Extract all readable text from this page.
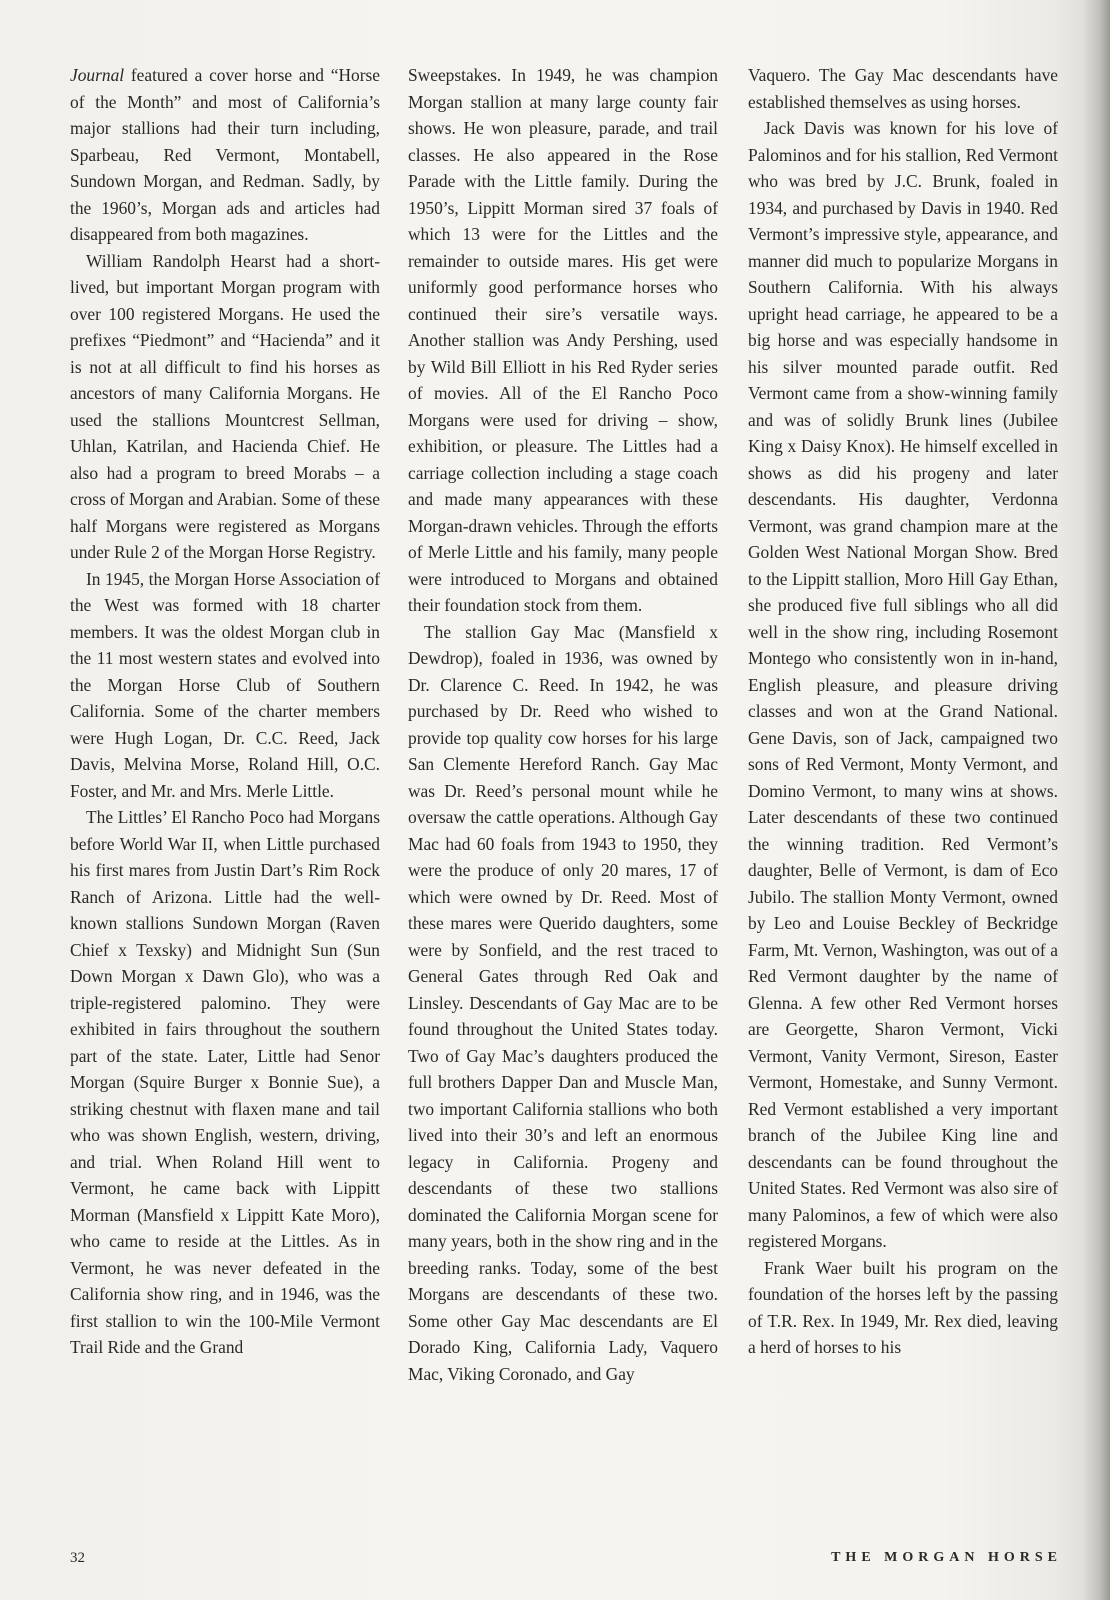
Journal featured a cover horse and “Horse of the Month” and most of California’s major stallions had their turn including, Sparbeau, Red Vermont, Montabell, Sundown Morgan, and Redman. Sadly, by the 1960’s, Morgan ads and articles had disappeared from both magazines.

William Randolph Hearst had a short-lived, but important Morgan program with over 100 registered Morgans. He used the prefixes “Piedmont” and “Hacienda” and it is not at all difficult to find his horses as ancestors of many California Morgans. He used the stallions Mountcrest Sellman, Uhlan, Katrilan, and Hacienda Chief. He also had a program to breed Morabs – a cross of Morgan and Arabian. Some of these half Morgans were registered as Morgans under Rule 2 of the Morgan Horse Registry.

In 1945, the Morgan Horse Association of the West was formed with 18 charter members. It was the oldest Morgan club in the 11 most western states and evolved into the Morgan Horse Club of Southern California. Some of the charter members were Hugh Logan, Dr. C.C. Reed, Jack Davis, Melvina Morse, Roland Hill, O.C. Foster, and Mr. and Mrs. Merle Little.

The Littles’ El Rancho Poco had Morgans before World War II, when Little purchased his first mares from Justin Dart’s Rim Rock Ranch of Arizona. Little had the well-known stallions Sundown Morgan (Raven Chief x Texsky) and Midnight Sun (Sun Down Morgan x Dawn Glo), who was a triple-registered palomino. They were exhibited in fairs throughout the southern part of the state. Later, Little had Senor Morgan (Squire Burger x Bonnie Sue), a striking chestnut with flaxen mane and tail who was shown English, western, driving, and trial. When Roland Hill went to Vermont, he came back with Lippitt Morman (Mansfield x Lippitt Kate Moro), who came to reside at the Littles. As in Vermont, he was never defeated in the California show ring, and in 1946, was the first stallion to win the 100-Mile Vermont Trail Ride and the Grand

Sweepstakes. In 1949, he was champion Morgan stallion at many large county fair shows. He won pleasure, parade, and trail classes. He also appeared in the Rose Parade with the Little family. During the 1950’s, Lippitt Morman sired 37 foals of which 13 were for the Littles and the remainder to outside mares. His get were uniformly good performance horses who continued their sire’s versatile ways. Another stallion was Andy Pershing, used by Wild Bill Elliott in his Red Ryder series of movies. All of the El Rancho Poco Morgans were used for driving – show, exhibition, or pleasure. The Littles had a carriage collection including a stage coach and made many appearances with these Morgan-drawn vehicles. Through the efforts of Merle Little and his family, many people were introduced to Morgans and obtained their foundation stock from them.

The stallion Gay Mac (Mansfield x Dewdrop), foaled in 1936, was owned by Dr. Clarence C. Reed. In 1942, he was purchased by Dr. Reed who wished to provide top quality cow horses for his large San Clemente Hereford Ranch. Gay Mac was Dr. Reed’s personal mount while he oversaw the cattle operations. Although Gay Mac had 60 foals from 1943 to 1950, they were the produce of only 20 mares, 17 of which were owned by Dr. Reed. Most of these mares were Querido daughters, some were by Sonfield, and the rest traced to General Gates through Red Oak and Linsley. Descendants of Gay Mac are to be found throughout the United States today. Two of Gay Mac’s daughters produced the full brothers Dapper Dan and Muscle Man, two important California stallions who both lived into their 30’s and left an enormous legacy in California. Progeny and descendants of these two stallions dominated the California Morgan scene for many years, both in the show ring and in the breeding ranks. Today, some of the best Morgans are descendants of these two. Some other Gay Mac descendants are El Dorado King, California Lady, Vaquero Mac, Viking Coronado, and Gay

Vaquero. The Gay Mac descendants have established themselves as using horses.

Jack Davis was known for his love of Palominos and for his stallion, Red Vermont who was bred by J.C. Brunk, foaled in 1934, and purchased by Davis in 1940. Red Vermont’s impressive style, appearance, and manner did much to popularize Morgans in Southern California. With his always upright head carriage, he appeared to be a big horse and was especially handsome in his silver mounted parade outfit. Red Vermont came from a show-winning family and was of solidly Brunk lines (Jubilee King x Daisy Knox). He himself excelled in shows as did his progeny and later descendants. His daughter, Verdonna Vermont, was grand champion mare at the Golden West National Morgan Show. Bred to the Lippitt stallion, Moro Hill Gay Ethan, she produced five full siblings who all did well in the show ring, including Rosemont Montego who consistently won in in-hand, English pleasure, and pleasure driving classes and won at the Grand National. Gene Davis, son of Jack, campaigned two sons of Red Vermont, Monty Vermont, and Domino Vermont, to many wins at shows. Later descendants of these two continued the winning tradition. Red Vermont’s daughter, Belle of Vermont, is dam of Eco Jubilo. The stallion Monty Vermont, owned by Leo and Louise Beckley of Beckridge Farm, Mt. Vernon, Washington, was out of a Red Vermont daughter by the name of Glenna. A few other Red Vermont horses are Georgette, Sharon Vermont, Vicki Vermont, Vanity Vermont, Sireson, Easter Vermont, Homestake, and Sunny Vermont. Red Vermont established a very important branch of the Jubilee King line and descendants can be found throughout the United States. Red Vermont was also sire of many Palominos, a few of which were also registered Morgans.

Frank Waer built his program on the foundation of the horses left by the passing of T.R. Rex. In 1949, Mr. Rex died, leaving a herd of horses to his

32	THE MORGAN HORSE
